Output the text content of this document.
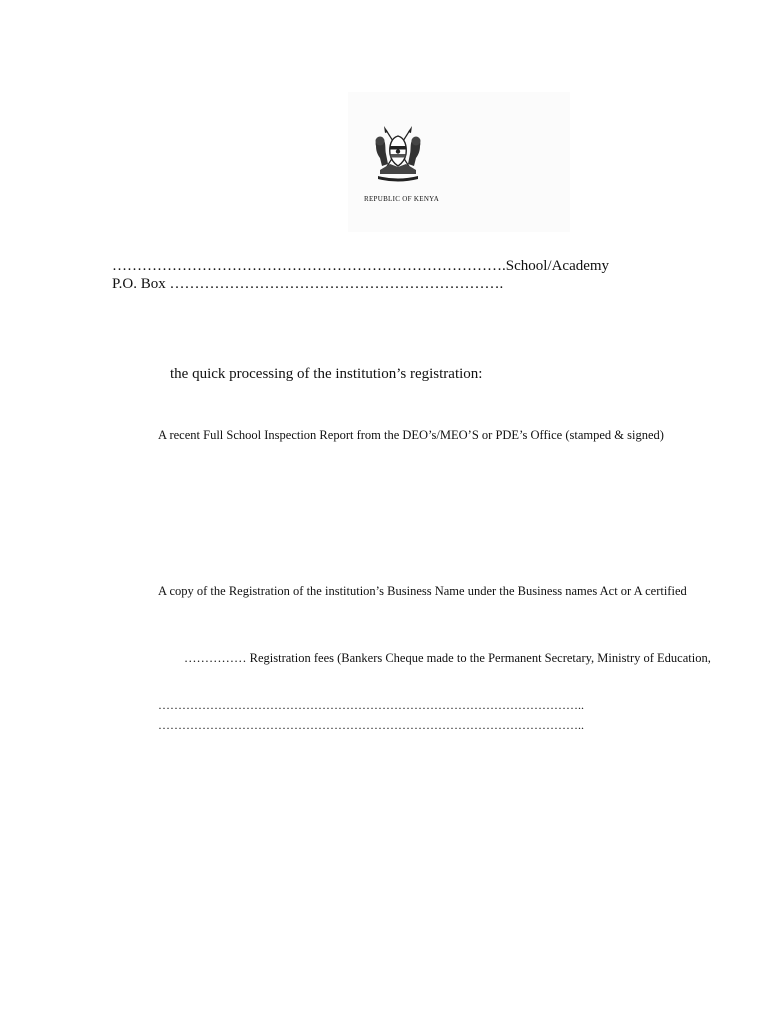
REPUBLIC OF KENYA
…………………………………………………………………….School/Academy
P.O. Box ………………………………………………………….
the quick processing of the institution’s registration:
A recent Full School Inspection Report from the DEO’s/MEO’S or PDE’s Office (stamped & signed)
A copy of the Registration of the institution’s Business Name under the Business names Act or A certified
…………… Registration fees (Bankers Cheque made to the Permanent Secretary, Ministry of Education,
……………………………………………………………………………………………..
……………………………………………………………………………………………..
